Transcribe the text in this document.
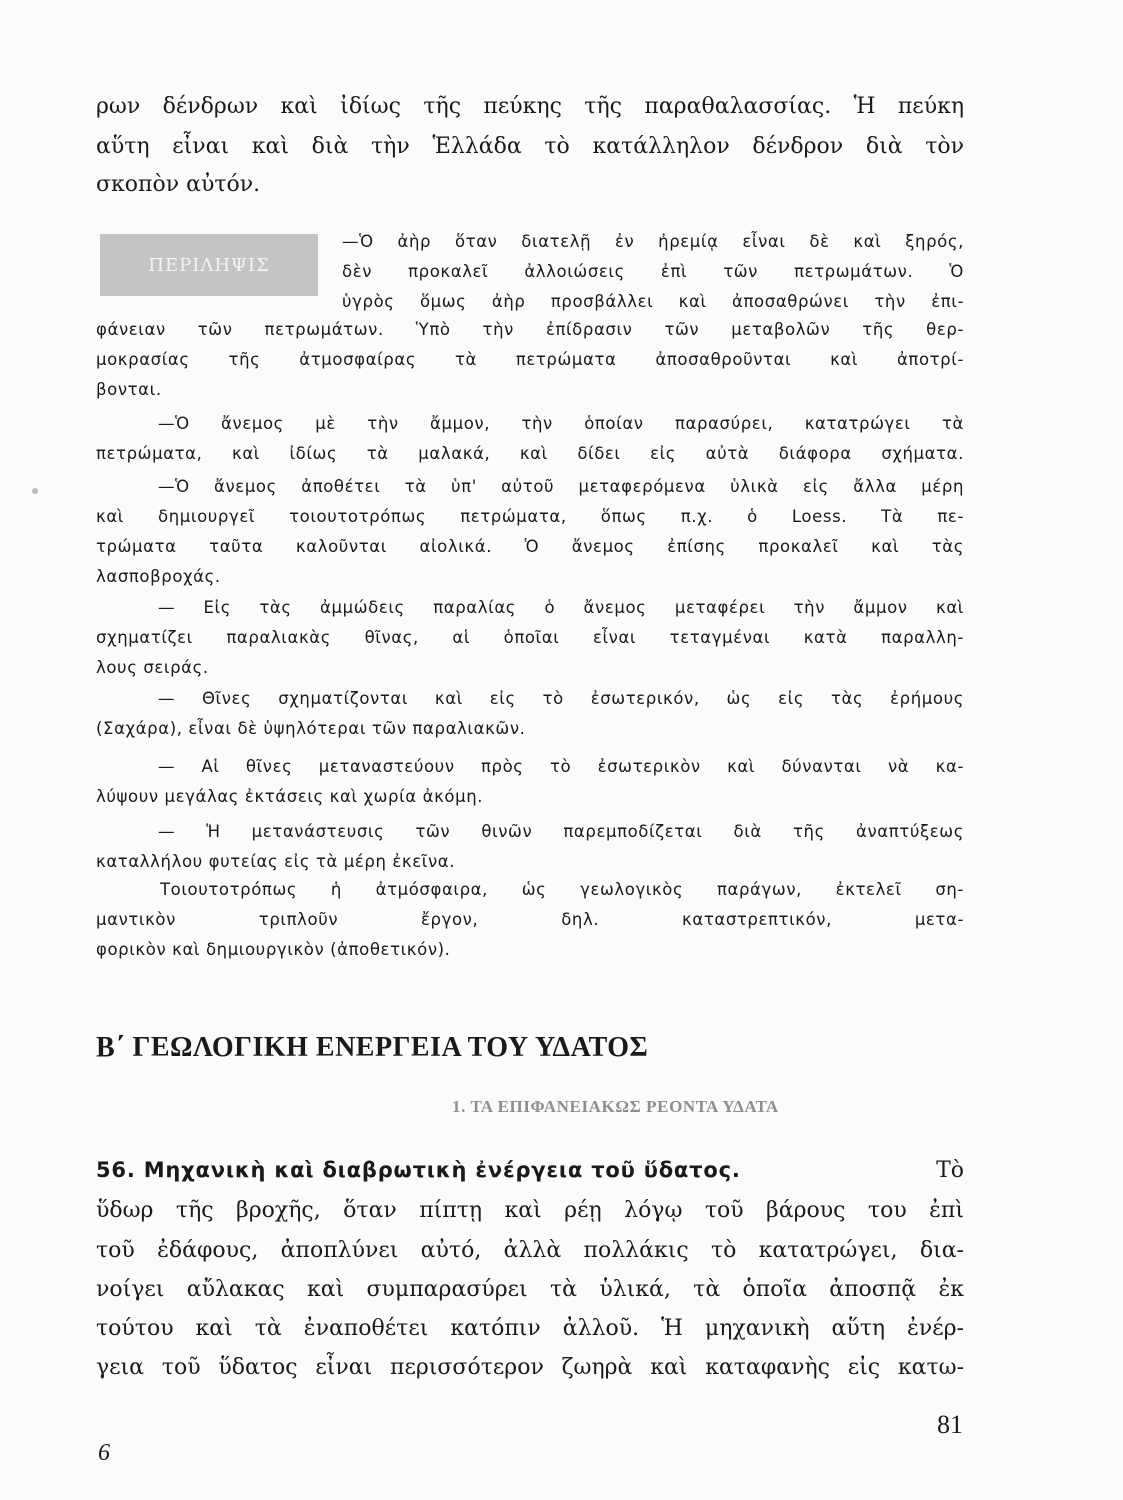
ρων δένδρων καὶ ἰδίως τῆς πεύκης τῆς παραθαλασσίας. Ἡ πεύκη
αὕτη εἶναι καὶ διὰ τὴν Ἑλλάδα τὸ κατάλληλον δένδρον διὰ τὸν
σκοπὸν αὐτόν.
ΠΕΡΙΛΗΨΙΣ
—Ὁ ἀὴρ ὅταν διατελῇ ἐν ἠρεμίᾳ εἶναι δὲ καὶ ξηρός,
δὲν προκαλεῖ ἀλλοιώσεις ἐπὶ τῶν πετρωμάτων. Ὁ
ὑγρὸς ὅμως ἀὴρ προσβάλλει καὶ ἀποσαθρώνει τὴν ἐπι-
φάνειαν τῶν πετρωμάτων. Ὑπὸ τὴν ἐπίδρασιν τῶν μεταβολῶν τῆς θερ-
μοκρασίας τῆς ἀτμοσφαίρας τὰ πετρώματα ἀποσαθροῦνται καὶ ἀποτρί-
βονται.
—Ὁ ἄνεμος μὲ τὴν ἄμμον, τὴν ὁποίαν παρασύρει, κατατρώγει τὰ
πετρώματα, καὶ ἰδίως τὰ μαλακά, καὶ δίδει εἰς αὐτὰ διάφορα σχήματα.
—Ὁ ἄνεμος ἀποθέτει τὰ ὑπ' αὐτοῦ μεταφερόμενα ὑλικὰ εἰς ἄλλα μέρη
καὶ δημιουργεῖ τοιουτοτρόπως πετρώματα, ὅπως π.χ. ὁ Loess. Τὰ πε-
τρώματα ταῦτα καλοῦνται αἰολικά. Ὁ ἄνεμος ἐπίσης προκαλεῖ καὶ τὰς
λασποβροχάς.
— Εἰς τὰς ἀμμώδεις παραλίας ὁ ἄνεμος μεταφέρει τὴν ἄμμον καὶ
σχηματίζει παραλιακὰς θῖνας, αἱ ὁποῖαι εἶναι τεταγμέναι κατὰ παραλλη-
λους σειράς.
— Θῖνες σχηματίζονται καὶ εἰς τὸ ἐσωτερικόν, ὡς εἰς τὰς ἐρήμους
(Σαχάρα), εἶναι δὲ ὑψηλότεραι τῶν παραλιακῶν.
— Αἱ θῖνες μεταναστεύουν πρὸς τὸ ἐσωτερικὸν καὶ δύνανται νὰ κα-
λύψουν μεγάλας ἐκτάσεις καὶ χωρία ἀκόμη.
— Ἡ μετανάστευσις τῶν θινῶν παρεμποδίζεται διὰ τῆς ἀναπτύξεως
καταλλήλου φυτείας εἰς τὰ μέρη ἐκεῖνα.
Τοιουτοτρόπως ἡ ἀτμόσφαιρα, ὡς γεωλογικὸς παράγων, ἐκτελεῖ ση-
μαντικὸν τριπλοῦν ἔργον, δηλ. καταστρεπτικόν, μετα-
φορικὸν καὶ δημιουργικὸν (ἀποθετικόν).
Β΄ ΓΕΩΛΟΓΙΚΗ ΕΝΕΡΓΕΙΑ ΤΟΥ ΥΔΑΤΟΣ
1. ΤΑ ΕΠΙΦΑΝΕΙΑΚΩΣ ΡΕΟΝΤΑ ΥΔΑΤΑ
56. Μηχανικὴ καὶ διαβρωτικὴ ἐνέργεια τοῦ ὕδατος.	Τὸ
ὕδωρ τῆς βροχῆς, ὅταν πίπτῃ καὶ ρέῃ λόγῳ τοῦ βάρους του ἐπὶ
τοῦ ἐδάφους, ἀποπλύνει αὐτό, ἀλλὰ πολλάκις τὸ κατατρώγει, δια-
νοίγει αὔλακας καὶ συμπαρασύρει τὰ ὑλικά, τὰ ὁποῖα ἀποσπᾷ ἐκ
τούτου καὶ τὰ ἐναποθέτει κατόπιν ἀλλοῦ. Ἡ μηχανικὴ αὕτη ἐνέρ-
γεια τοῦ ὕδατος εἶναι περισσότερον ζωηρὰ καὶ καταφανὴς εἰς κατω-
81
6
